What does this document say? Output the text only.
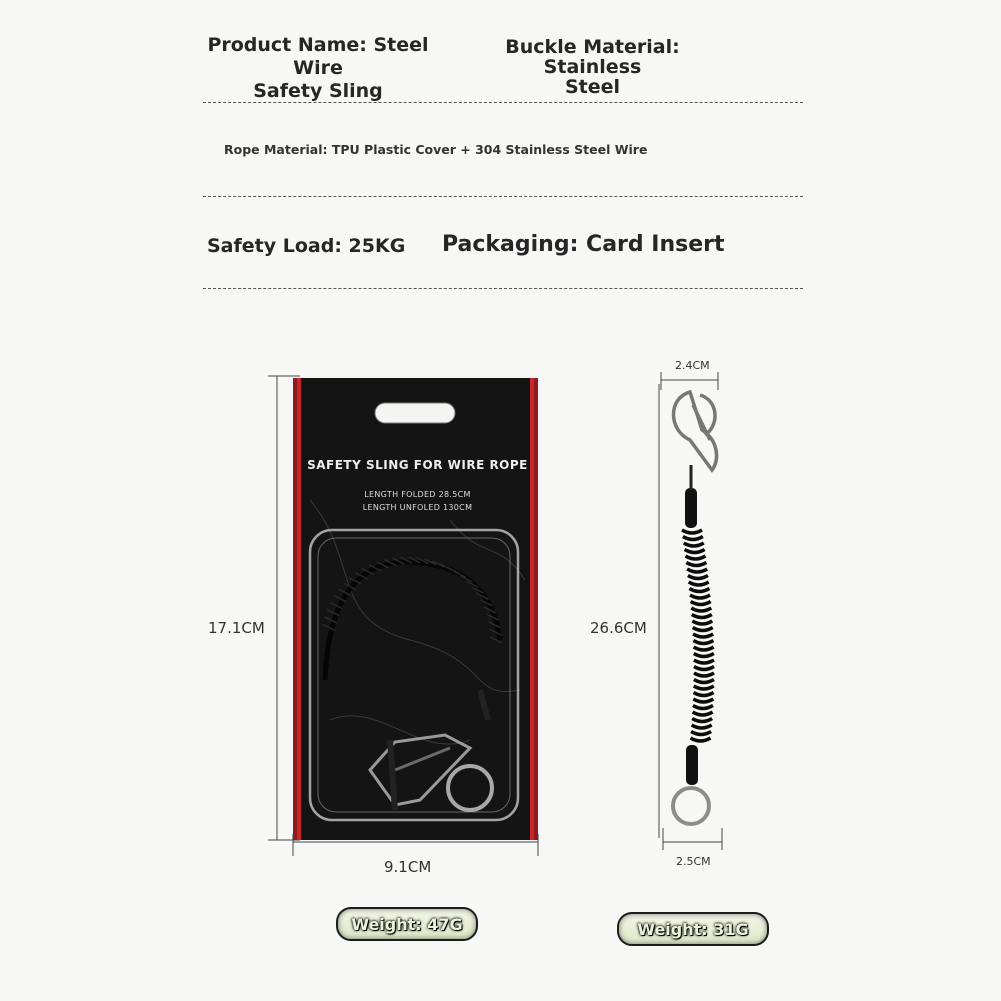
Product Name: Steel Wire
Safety Sling
Buckle Material: Stainless
Steel
Rope Material: TPU Plastic Cover + 304 Stainless Steel Wire
Safety Load: 25KG Packaging: Card Insert
SAFETY SLING FOR WIRE ROPE
LENGTH FOLDED 28.5CM
LENGTH UNFOLED 130CM
17.1CM
9.1CM
2.4CM
26.6CM
2.5CM
Weight: 47G	Weight: 31G
